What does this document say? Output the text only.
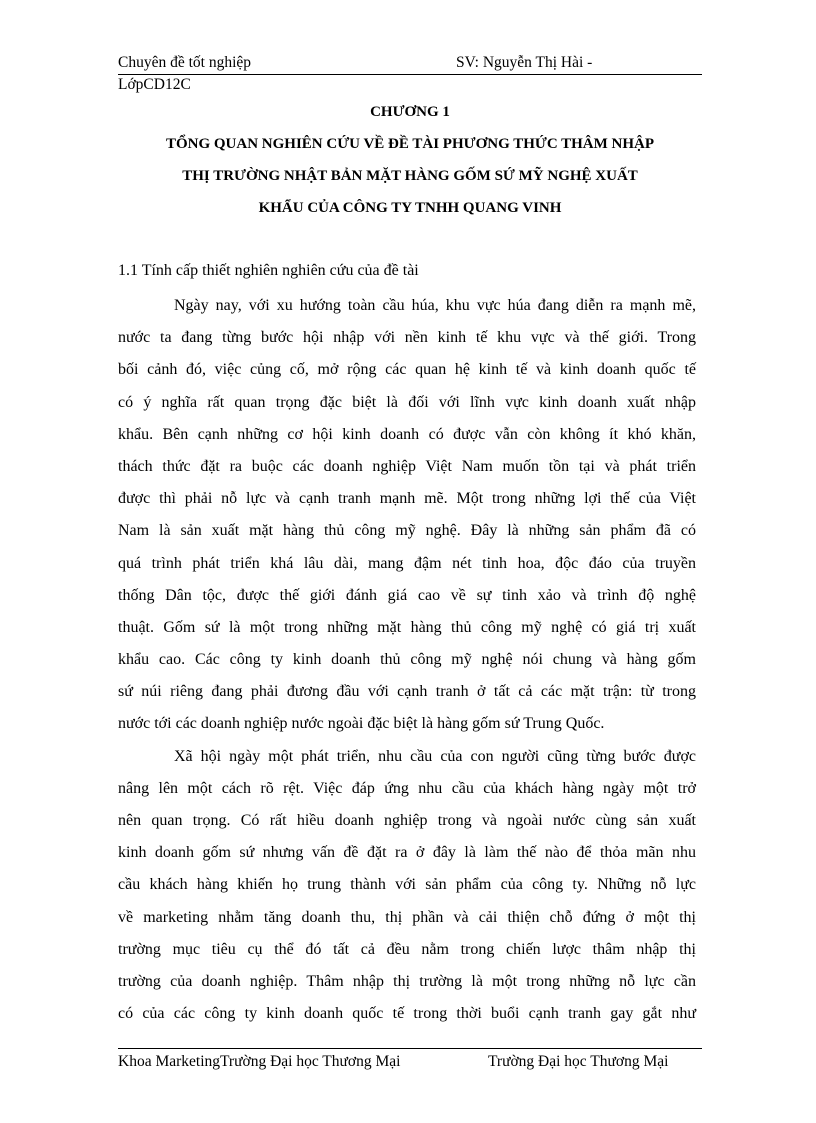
Chuyên đề tốt nghiệp	SV: Nguyễn Thị Hài -
LớpCD12C
CHƯƠNG 1
TỔNG QUAN NGHIÊN CỨU VỀ ĐỀ TÀI PHƯƠNG THỨC THÂM NHẬP
THỊ TRƯỜNG NHẬT BẢN MẶT HÀNG GỐM SỨ MỸ NGHỆ XUẤT
KHẨU CỦA CÔNG TY TNHH QUANG VINH
1.1 Tính cấp thiết nghiên nghiên cứu của đề tài
Ngày nay, với xu hướng toàn cầu húa, khu vực húa đang diễn ra mạnh mẽ,
nước ta đang từng bước hội nhập với nền kinh tế khu vực và thế giới. Trong
bối cảnh đó, việc củng cố, mở rộng các quan hệ kinh tế và kinh doanh quốc tế
có ý nghĩa rất quan trọng đặc biệt là đối với lĩnh vực kinh doanh xuất nhập
khẩu. Bên cạnh những cơ hội kinh doanh có được vẫn còn không ít khó khăn,
thách thức đặt ra buộc các doanh nghiệp Việt Nam muốn tồn tại và phát triển
được thì phải nỗ lực và cạnh tranh mạnh mẽ. Một trong những lợi thế của Việt
Nam là sản xuất mặt hàng thủ công mỹ nghệ. Đây là những sản phẩm đã có
quá trình phát triển khá lâu dài, mang đậm nét tinh hoa, độc đáo của truyền
thống Dân tộc, được thế giới đánh giá cao về sự tinh xảo và trình độ nghệ
thuật. Gốm sứ là một trong những mặt hàng thủ công mỹ nghệ có giá trị xuất
khẩu cao. Các công ty kinh doanh thủ công mỹ nghệ nói chung và hàng gốm
sứ núi riêng đang phải đương đầu với cạnh tranh ở tất cả các mặt trận: từ trong
nước tới các doanh nghiệp nước ngoài đặc biệt là hàng gốm sứ Trung Quốc.
Xã hội ngày một phát triển, nhu cầu của con người cũng từng bước được
nâng lên một cách rõ rệt. Việc đáp ứng nhu cầu của khách hàng ngày một trở
nên quan trọng. Có rất hiều doanh nghiệp trong và ngoài nước cùng sản xuất
kinh doanh gốm sứ nhưng vấn đề đặt ra ở đây là làm thế nào để thỏa mãn nhu
cầu khách hàng khiến họ trung thành với sản phẩm của công ty. Những nỗ lực
về marketing nhằm tăng doanh thu, thị phần và cải thiện chỗ đứng ở một thị
trường mục tiêu cụ thể đó tất cả đều nằm trong chiến lược thâm nhập thị
trường của doanh nghiệp. Thâm nhập thị trường là một trong những nỗ lực cần
có của các công ty kinh doanh quốc tế trong thời buổi cạnh tranh gay gắt như
Khoa MarketingTrường Đại học Thương Mại	Trường Đại học Thương Mại
